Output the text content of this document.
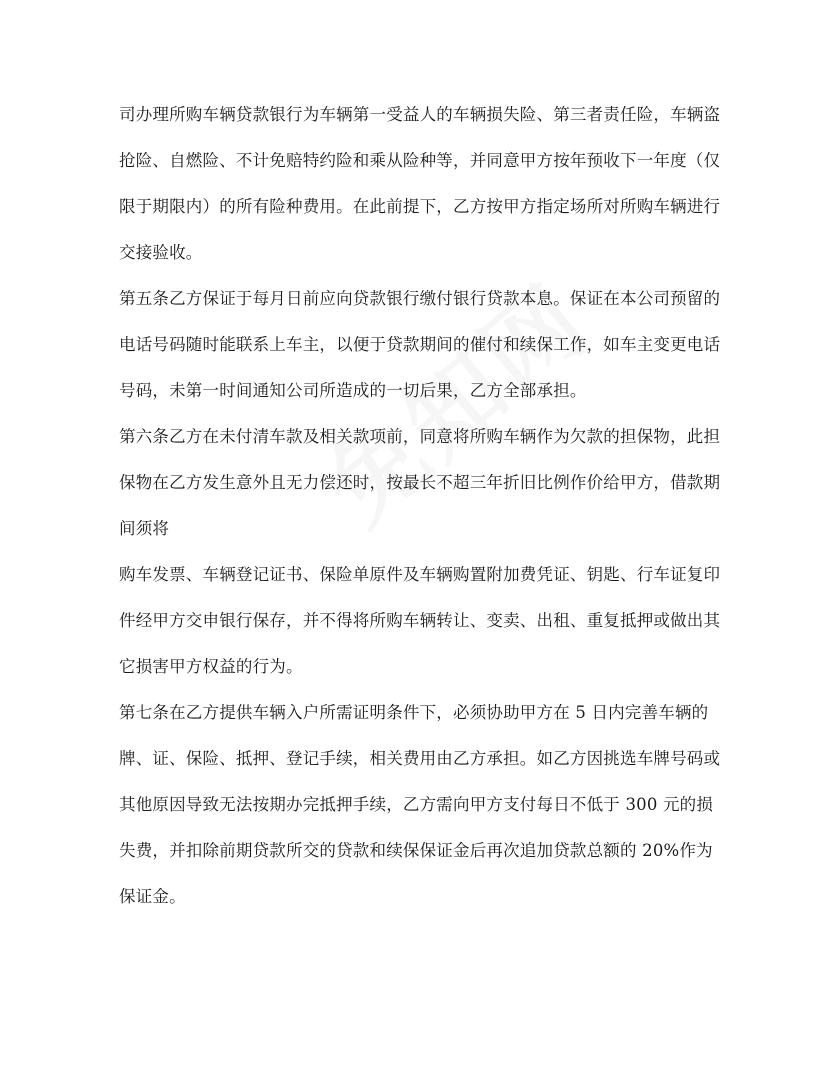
司办理所购车辆贷款银行为车辆第一受益人的车辆损失险、第三者责任险，车辆盗
抢险、自燃险、不计免赔特约险和乘从险种等，并同意甲方按年预收下一年度（仅
限于期限内）的所有险种费用。在此前提下，乙方按甲方指定场所对所购车辆进行
交接验收。
第五条乙方保证于每月日前应向贷款银行缴付银行贷款本息。保证在本公司预留的
电话号码随时能联系上车主，以便于贷款期间的催付和续保工作，如车主变更电话
号码，未第一时间通知公司所造成的一切后果，乙方全部承担。
第六条乙方在未付清车款及相关款项前，同意将所购车辆作为欠款的担保物，此担
保物在乙方发生意外且无力偿还时，按最长不超三年折旧比例作价给甲方，借款期
间须将
购车发票、车辆登记证书、保险单原件及车辆购置附加费凭证、钥匙、行车证复印
件经甲方交申银行保存，并不得将所购车辆转让、变卖、出租、重复抵押或做出其
它损害甲方权益的行为。
第七条在乙方提供车辆入户所需证明条件下，必须协助甲方在 5 日内完善车辆的
牌、证、保险、抵押、登记手续，相关费用由乙方承担。如乙方因挑选车牌号码或
其他原因导致无法按期办完抵押手续，乙方需向甲方支付每日不低于 300 元的损
失费，并扣除前期贷款所交的贷款和续保保证金后再次追加贷款总额的 20%作为
保证金。
